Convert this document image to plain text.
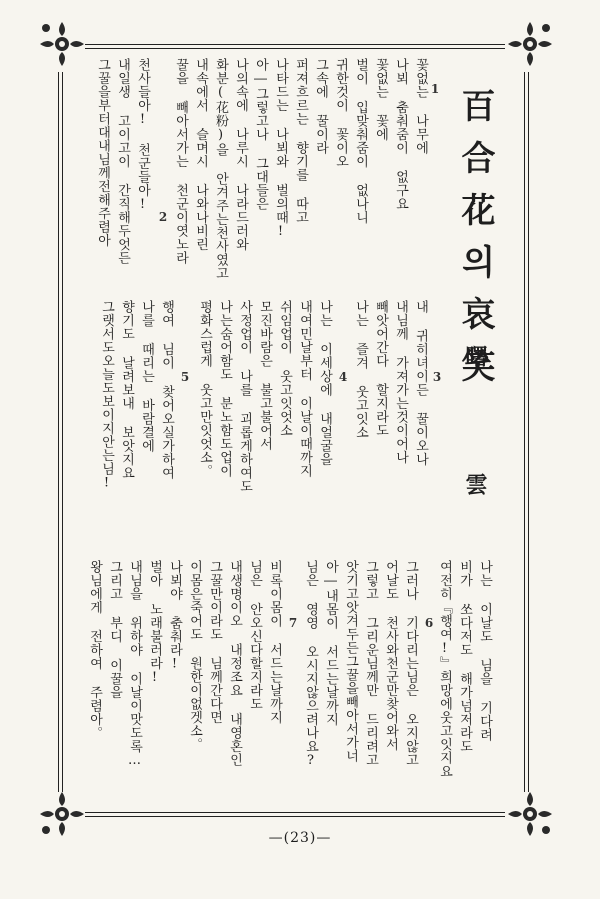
百合花의哀笑
曙 雲
1
꽃없는 나무에
나뵈 춤춰줌이 없구요
꽃없는 꽃에
벌이 입맞춰줌이 없나니
귀한것이 꽃이오
그속에 꿀이라
퍼져흐르는 향기를 따고
나타드는 나뵈와 벌의때!
아―그렇고나 그대들은
나의속에 나루시 나라드러와
화분(花粉)을 안겨주는천사였고
내속에서 슬며시 나와나비린
꿀을 빼아서가는 천군이엿노라
2
천사들아! 천군들아!
내일생 고이고이 간직해두엇든
그꿀을부터대내님께전해주렴아
3
내 귀히녀이든 꿀이오나
내님께 가져가는것이어나
빼앗어간다 할지라도
나는 즐겨 웃고잇소
4
나는 이세상에 내얼굴을
내여민날부터 이날이때까지
쉬임업이 웃고잇엇소
모진바람은 불고불어서
사정업이 나를 괴롭게하여도
나는숨어함도 분노함도업이
평화스럽게 웃고만잇엇소。
5
행여 님이 찾어오실가하여
나를 때리는 바람결에
향기도 날려보내 보앗지요
그랫서도오늘도보이지안는님!
나는 이날도 님을 기다려
비가 쏘다저도 해가넘저라도
여전히『행여!』희망에웃고잇지요
6
그러나 기다리는님은 오지않고
어날도 천사와천군만찾어와서
그렇고 그리운님께만 드리려고
앗기고앗겨두든그꿀을빼아서가너
아―내몸이 서드는날까지
님은 영영 오시지않으려나요?
7
비록이몸이 서드는날까지
님은 안오신다할지라도
내생명이오 내정조요 내영혼인
그꿀만이라도 님께간다면
이몸은죽어도 원한이없겟소。
나뵈야 춤춰라!
벌아 노래불러라!
내님을 위하야 이날이맛도록…
그리고 부디 이꿀을
왕님에게 전하여 주렴아。
—(23)—
